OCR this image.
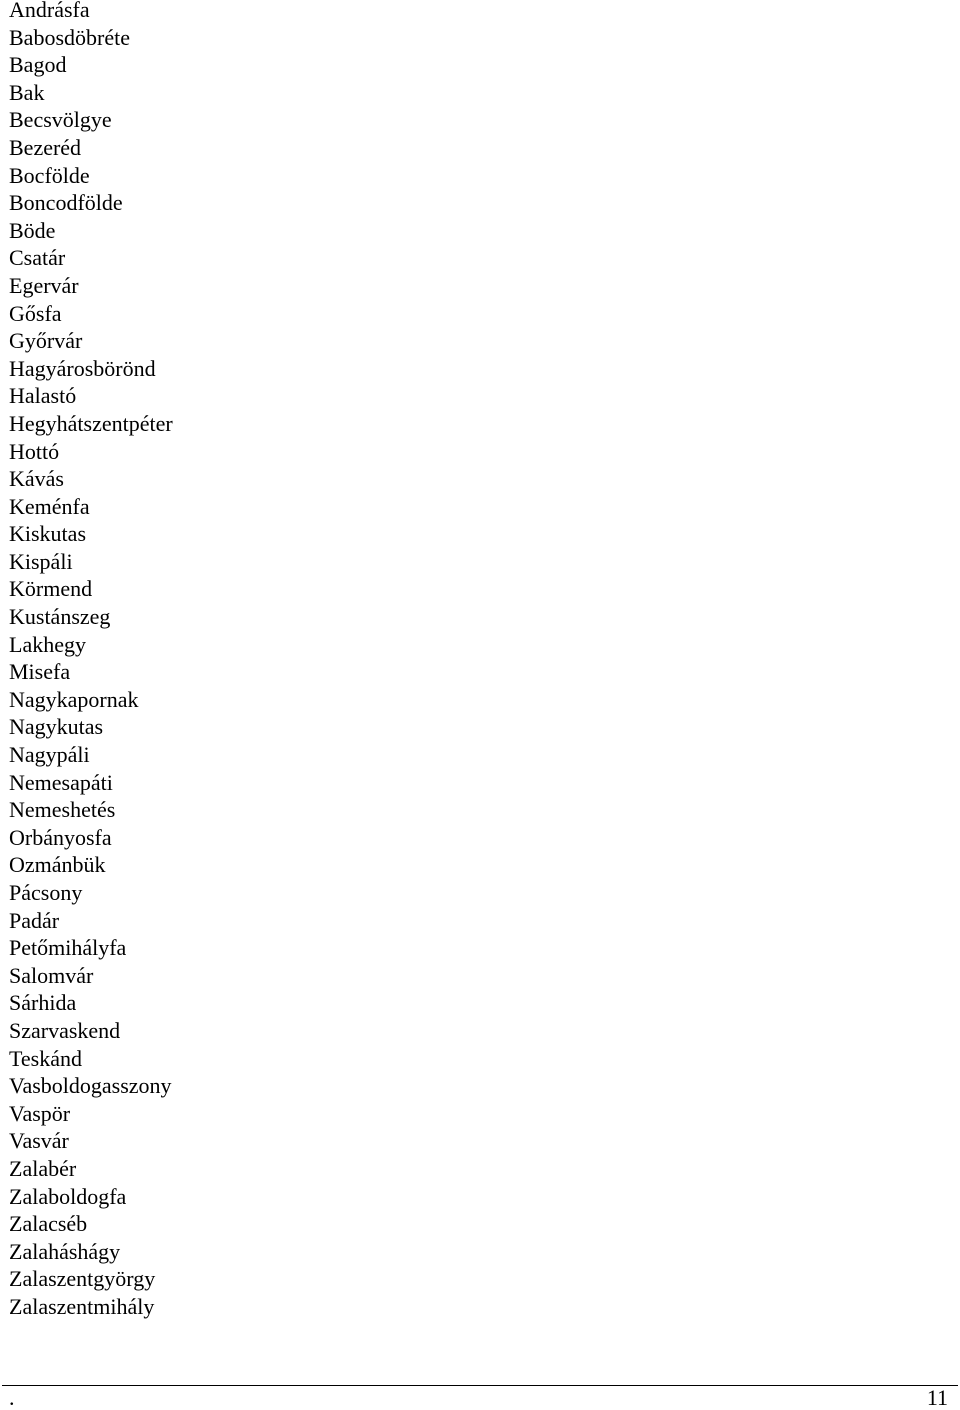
Andrásfa
Babosdöbréte
Bagod
Bak
Becsvölgye
Bezeréd
Bocfölde
Boncodfölde
Böde
Csatár
Egervár
Gősfa
Győrvár
Hagyárosbörönd
Halastó
Hegyhátszentpéter
Hottó
Kávás
Keménfa
Kiskutas
Kispáli
Körmend
Kustánszeg
Lakhegy
Misefa
Nagykapornak
Nagykutas
Nagypáli
Nemesapáti
Nemeshetés
Orbányosfa
Ozmánbük
Pácsony
Padár
Petőmihályfa
Salomvár
Sárhida
Szarvaskend
Teskánd
Vasboldogasszony
Vaspör
Vasvár
Zalabér
Zalaboldogfa
Zalacséb
Zalaháshágy
Zalaszentgyörgy
Zalaszentmihály
.	11
